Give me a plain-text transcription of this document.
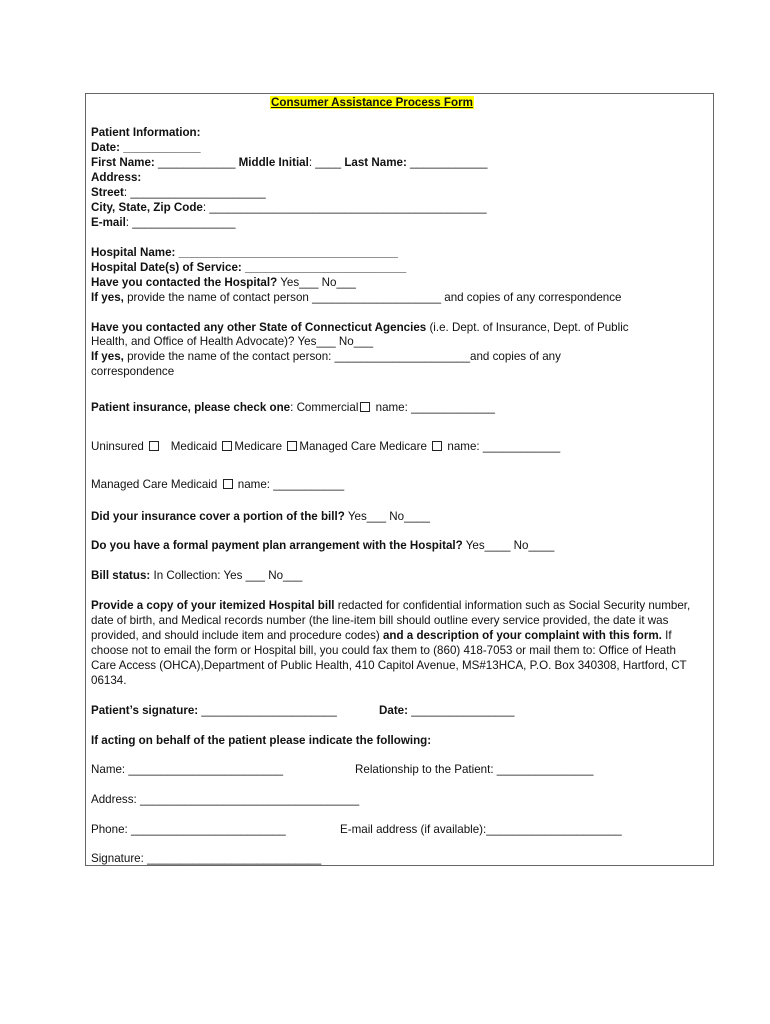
Consumer Assistance Process Form
Patient Information:
Date: ____________
First Name: ____________ Middle Initial: ____ Last Name: ____________
Address:
Street: _____________________
City, State, Zip Code: ___________________________________________
E-mail: ________________
Hospital Name: __________________________________
Hospital Date(s) of Service: _________________________
Have you contacted the Hospital? Yes___ No___
If yes, provide the name of contact person ____________________ and copies of any correspondence
Have you contacted any other State of Connecticut Agencies (i.e. Dept. of Insurance, Dept. of Public
Health, and Office of Health Advocate)? Yes___ No___
If yes, provide the name of the contact person: _____________________and copies of any
correspondence
Patient insurance, please check one: Commercial name: _____________
Uninsured Medicaid Medicare Managed Care Medicare  name: ____________
Managed Care Medicaid  name: ___________
Did your insurance cover a portion of the bill? Yes___ No____
Do you have a formal payment plan arrangement with the Hospital? Yes____ No____
Bill status: In Collection: Yes ___ No___
Provide a copy of your itemized Hospital bill redacted for confidential information such as Social Security number, date of birth, and Medical records number (the line-item bill should outline every service provided, the date it was provided, and should include item and procedure codes) and a description of your complaint with this form. If choose not to email the form or Hospital bill, you could fax them to (860) 418-7053 or mail them to: Office of Heath Care Access (OHCA),Department of Public Health, 410 Capitol Avenue, MS#13HCA, P.O. Box 340308, Hartford, CT 06134.
Patient’s signature: _____________________	Date: ________________
If acting on behalf of the patient please indicate the following:
Name: ________________________	Relationship to the Patient: _______________
Address: __________________________________
Phone: ________________________	E-mail address (if available):_____________________
Signature: ___________________________
